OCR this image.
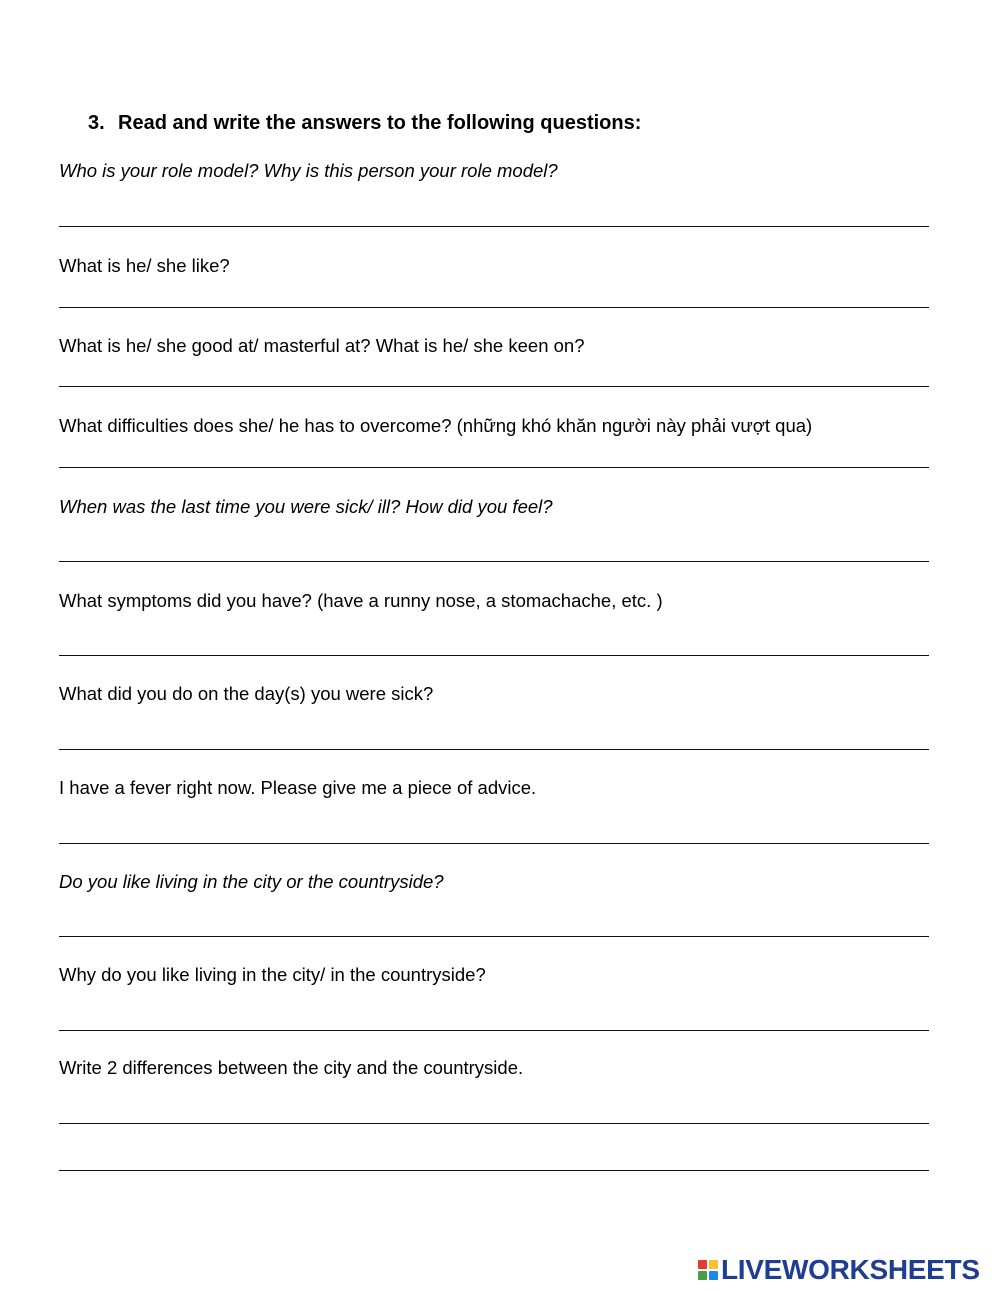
3. Read and write the answers to the following questions:
Who is your role model? Why is this person your role model?
What is he/ she like?
What is he/ she good at/ masterful at? What is he/ she keen on?
What difficulties does she/ he has to overcome? (những khó khăn người này phải vượt qua)
When was the last time you were sick/ ill? How did you feel?
What symptoms did you have? (have a runny nose, a stomachache, etc. )
What did you do on the day(s) you were sick?
I have a fever right now. Please give me a piece of advice.
Do you like living in the city or the countryside?
Why do you like living in the city/ in the countryside?
Write 2 differences between the city and the countryside.
LIVEWORKSHEETS
